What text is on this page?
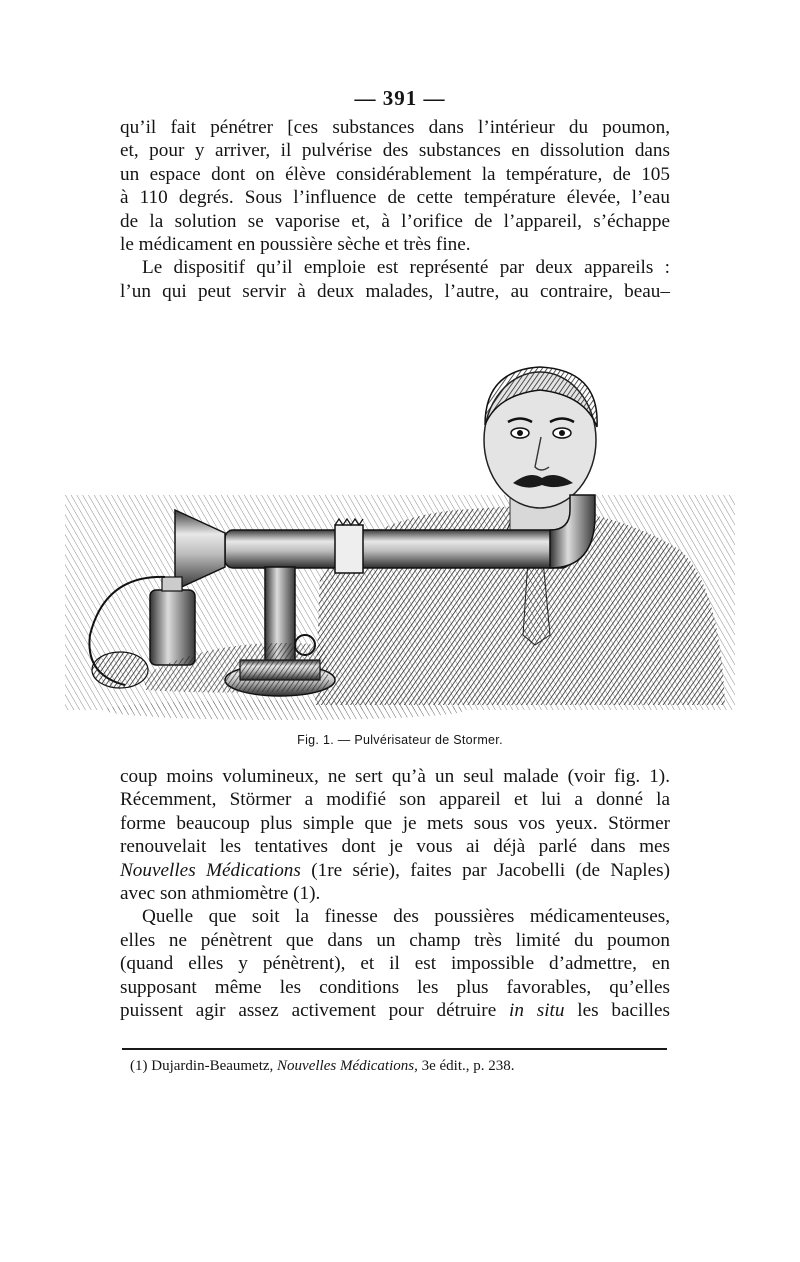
— 391 —
qu’il fait pénétrer [ces substances dans l’intérieur du poumon,
et, pour y arriver, il pulvérise des substances en dissolution dans
un espace dont on élève considérablement la température, de 105
à 110 degrés. Sous l’influence de cette température élevée, l’eau
de la solution se vaporise et, à l’orifice de l’appareil, s’échappe
le médicament en poussière sèche et très fine.
Le dispositif qu’il emploie est représenté par deux appareils :
l’un qui peut servir à deux malades, l’autre, au contraire, beau–
Fig. 1. — Pulvérisateur de Stormer.
coup moins volumineux, ne sert qu’à un seul malade (voir fig. 1).
Récemment, Störmer a modifié son appareil et lui a donné la
forme beaucoup plus simple que je mets sous vos yeux. Störmer
renouvelait les tentatives dont je vous ai déjà parlé dans mes
Nouvelles Médications (1re série), faites par Jacobelli (de Naples)
avec son athmiomètre (1).
Quelle que soit la finesse des poussières médicamenteuses,
elles ne pénètrent que dans un champ très limité du poumon
(quand elles y pénètrent), et il est impossible d’admettre, en
supposant même les conditions les plus favorables, qu’elles
puissent agir assez activement pour détruire in situ les bacilles
(1) Dujardin-Beaumetz, Nouvelles Médications, 3e édit., p. 238.
